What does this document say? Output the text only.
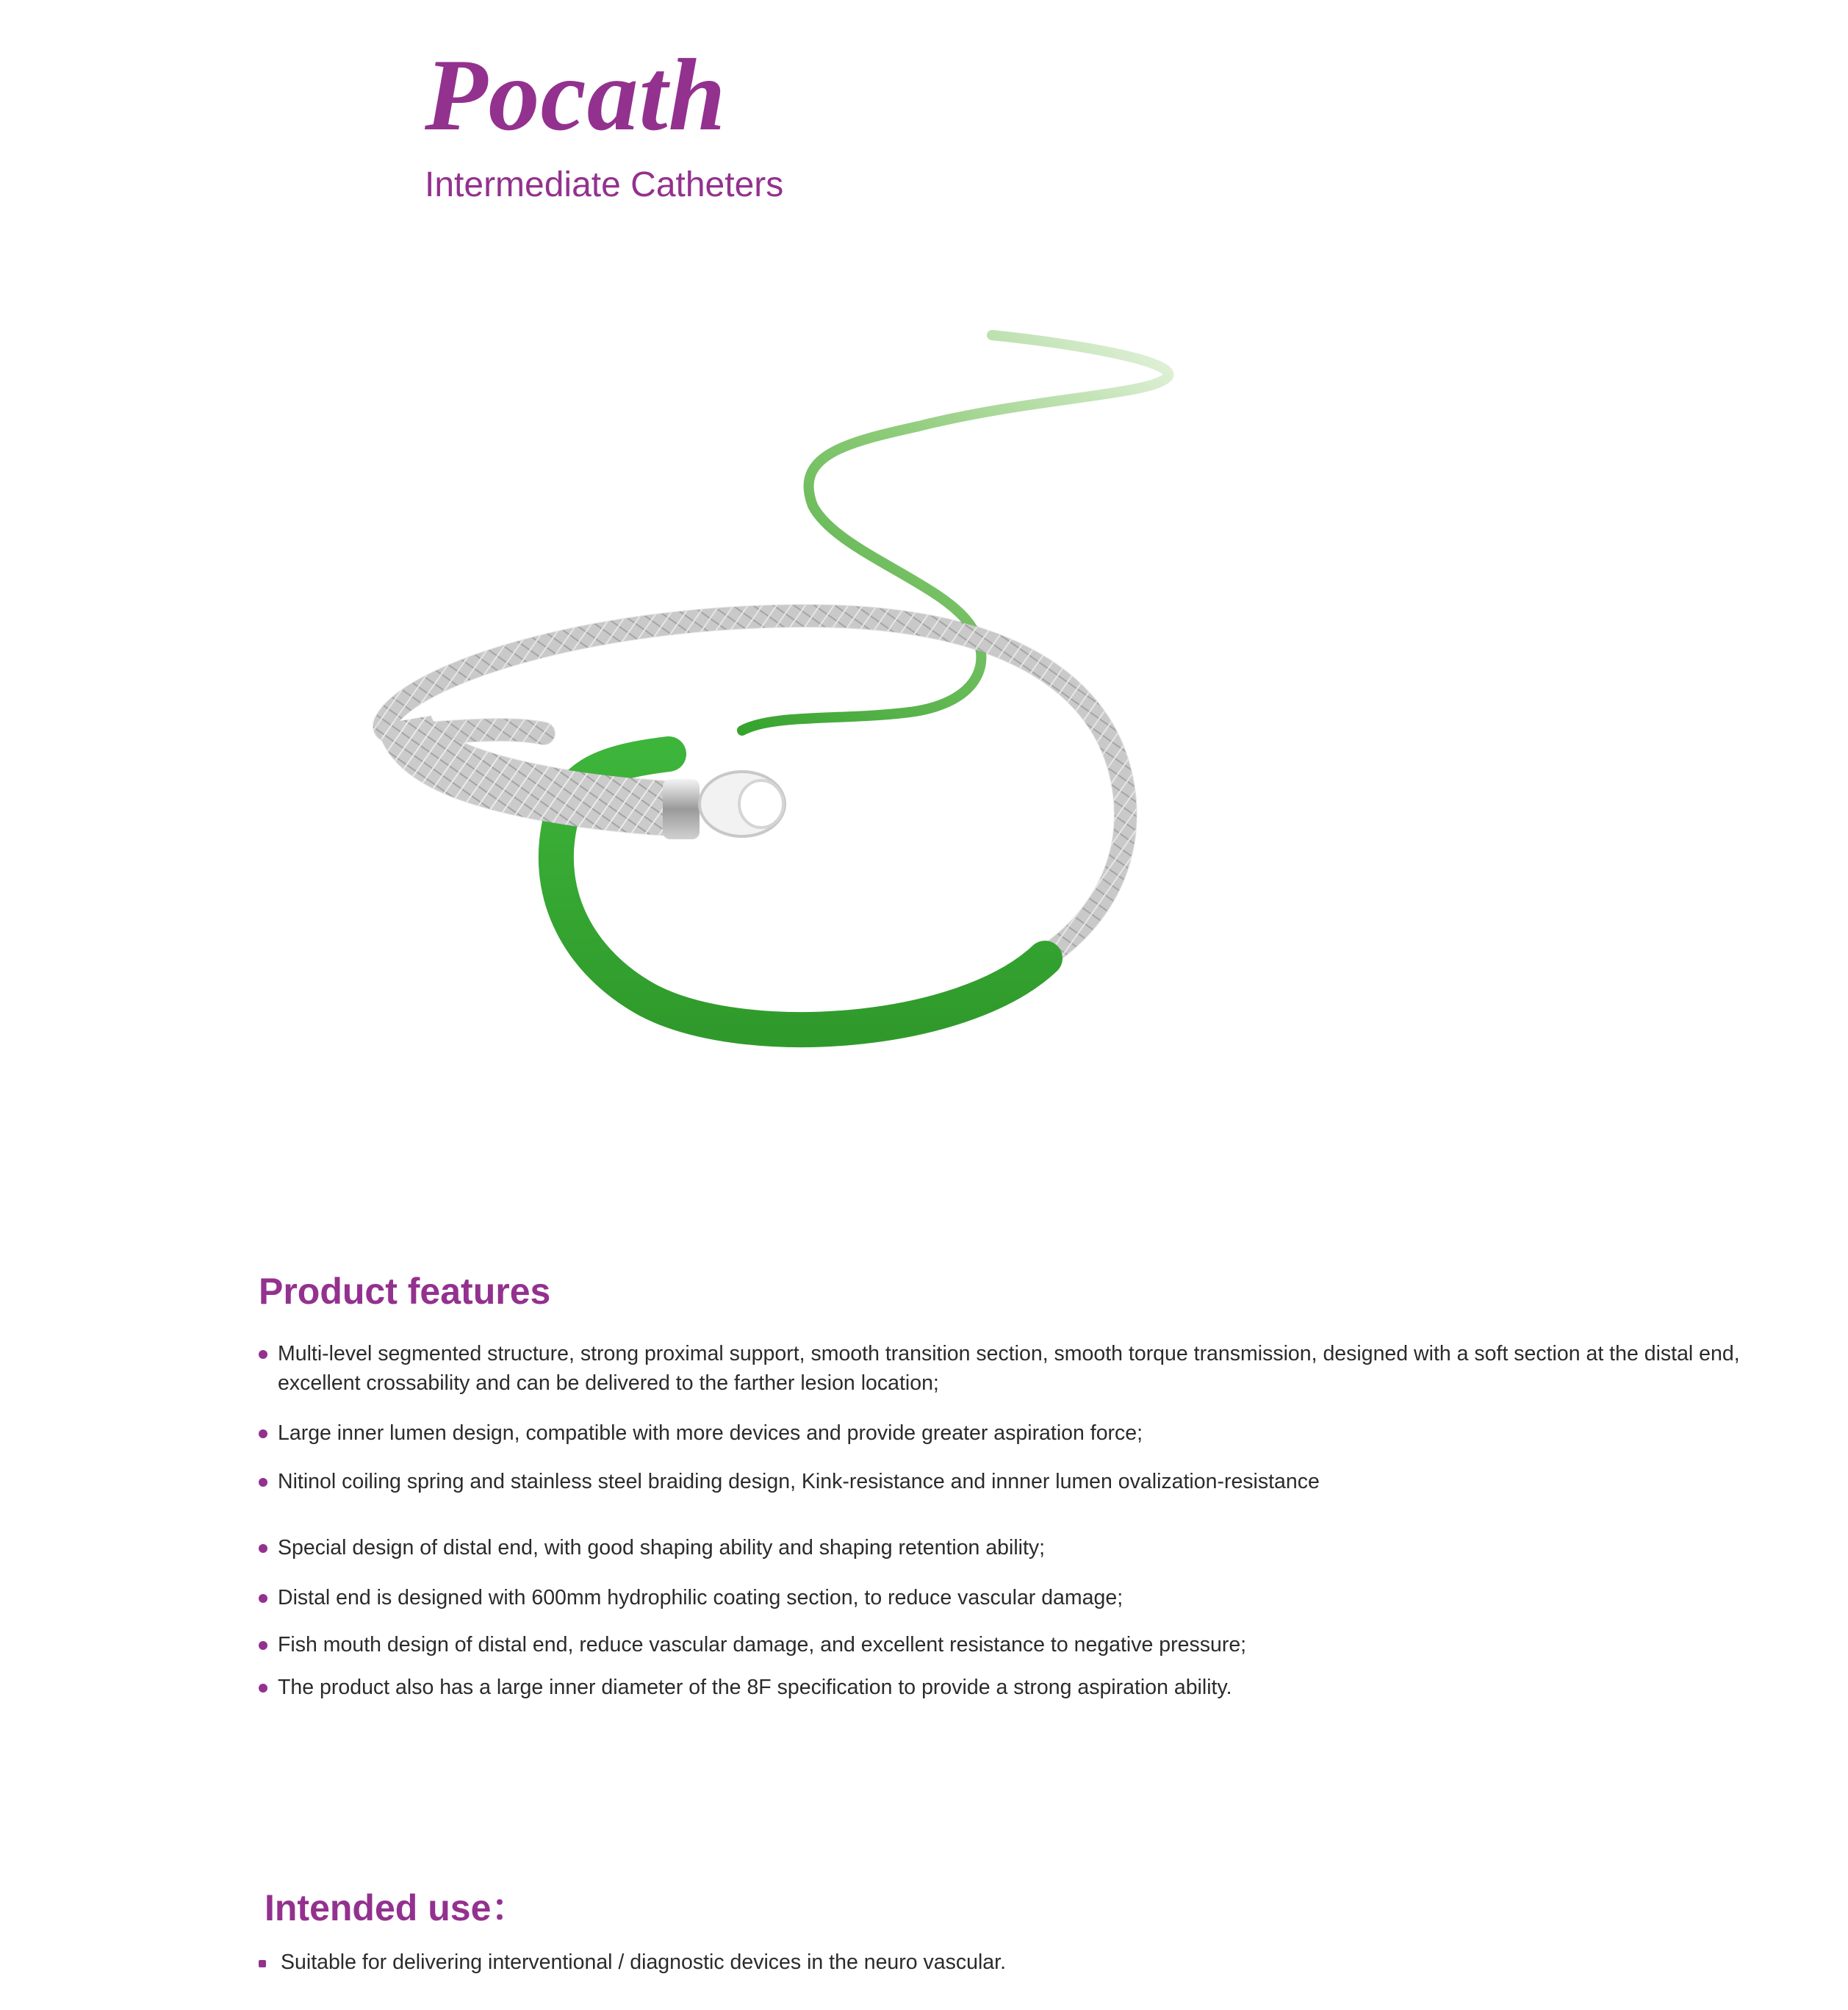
Pocath
Intermediate Catheters
Product features
Multi-level segmented structure, strong proximal support, smooth transition section, smooth torque transmission, designed with a soft section at the distal end, excellent crossability and can be delivered to the farther lesion location;
Large inner lumen design, compatible with more devices and provide greater aspiration force;
Nitinol coiling spring and stainless steel braiding design, Kink-resistance and innner lumen ovalization-resistance
Special design of distal end, with good shaping ability and shaping retention ability;
Distal end is designed with 600mm hydrophilic coating section, to reduce vascular damage;
Fish mouth design of distal end, reduce vascular damage, and excellent resistance to negative pressure;
The product also has a large inner diameter of the 8F specification to provide a strong aspiration ability.
Intended use：
Suitable for delivering interventional / diagnostic devices in the neuro vascular.
